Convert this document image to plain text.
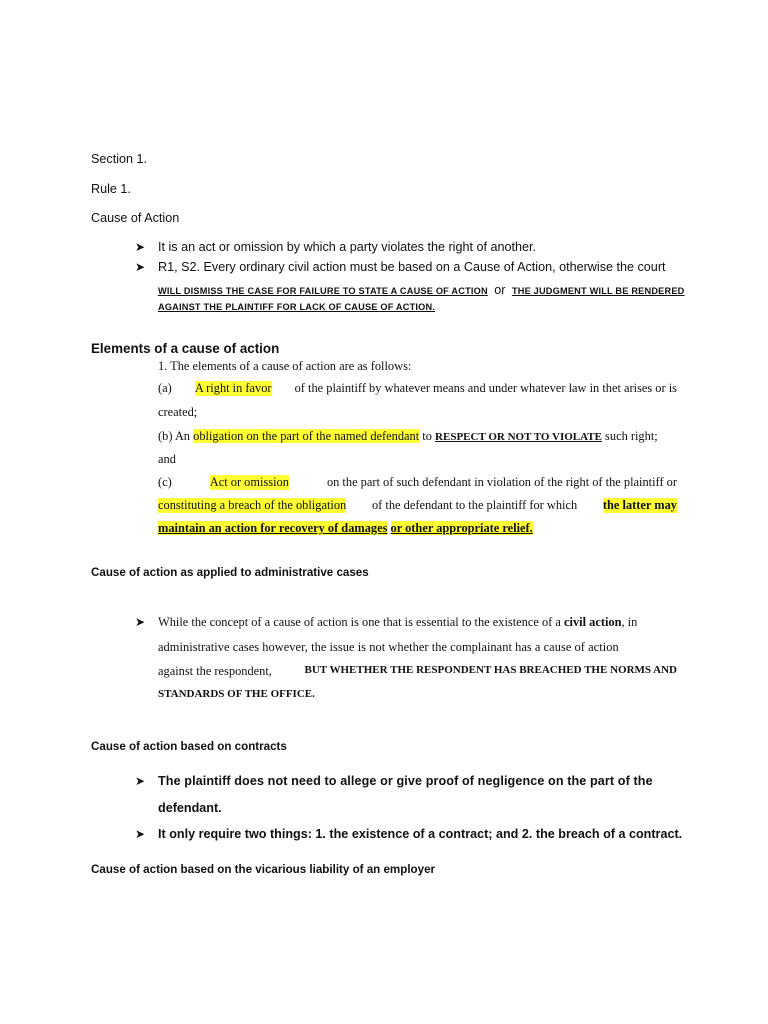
Section 1.
Rule 1.
Cause of Action
➤ It is an act or omission by which a party violates the right of another.
➤ R1, S2. Every ordinary civil action must be based on a Cause of Action, otherwise the court
WILL DISMISS THE CASE FOR FAILURE TO STATE A CAUSE OF ACTION or THE JUDGMENT WILL BE RENDERED
AGAINST THE PLAINTIFF FOR LACK OF CAUSE OF ACTION.
Elements of a cause of action
1. The elements of a cause of action are as follows:
(a) A right in favor of the plaintiff by whatever means and under whatever law in thet arises or is
created;
(b) An obligation on the part of the named defendant to RESPECT OR NOT TO VIOLATE such right;
and
(c)	Act or omission	on the part of such defendant in violation of the right of the plaintiff or
constituting a breach of the obligation of the defendant to the plaintiff for which the latter may
maintain an action for recovery of damages or other appropriate relief.
Cause of action as applied to administrative cases
➤ While the concept of a cause of action is one that is essential to the existence of a civil action, in
administrative cases however, the issue is not whether the complainant has a cause of action
against the respondent,	BUT WHETHER THE RESPONDENT HAS BREACHED THE NORMS AND
STANDARDS OF THE OFFICE.
Cause of action based on contracts
➤ The plaintiff does not need to allege or give proof of negligence on the part of the
defendant.
➤ It only require two things: 1. the existence of a contract; and 2. the breach of a contract.
Cause of action based on the vicarious liability of an employer
